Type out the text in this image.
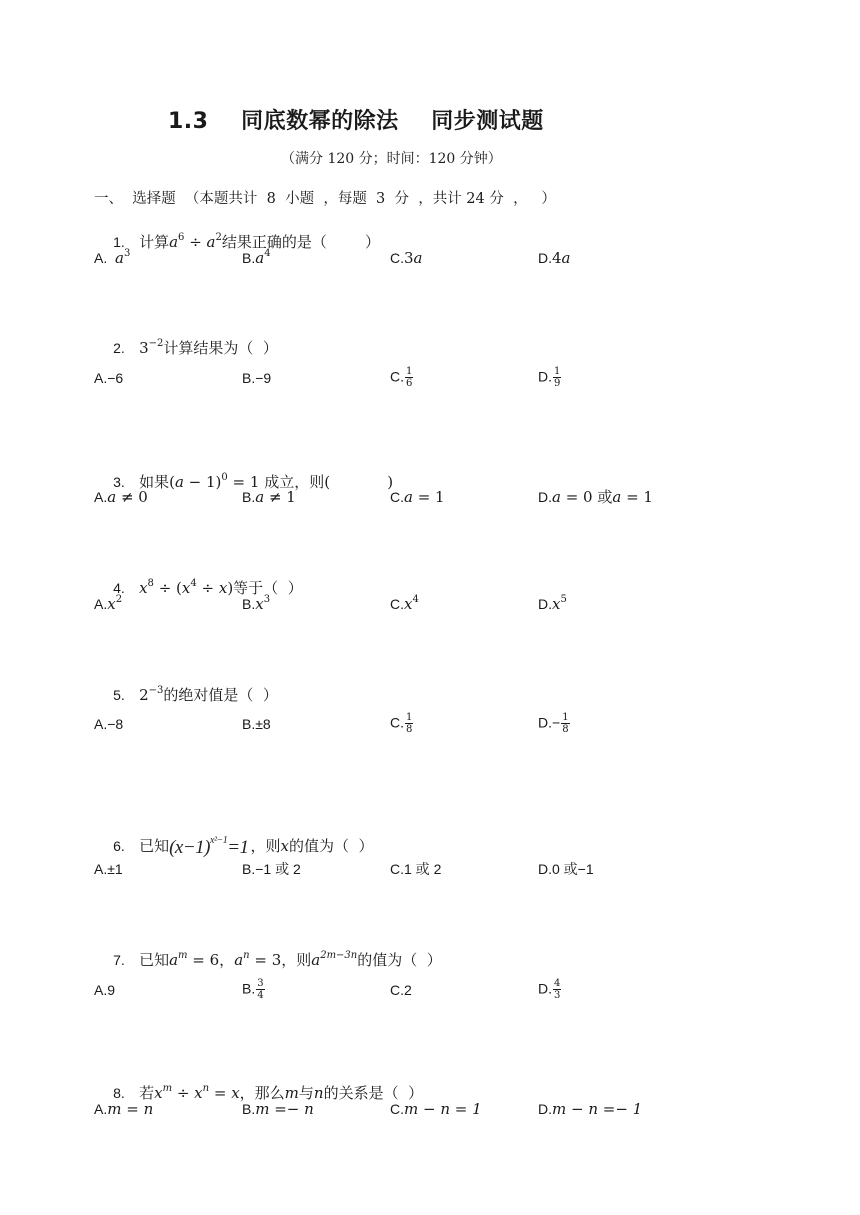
1.3    同底数幂的除法    同步测试题
（满分 120 分；时间：120 分钟）
一、  选择题  （本题共计  8  小题  ，每题  3  分  ，共计 24 分  ，   ）

1. 计算$a^6 \div a^2$结果正确的是（        ）

A.  $a^3$	$B.a^4$	C.3a	D.4a

2. $3^{-2}$计算结果为（  ）

A.−6	B.−9	C. $\frac{1}{6}$	D. $\frac{1}{9}$

3. 如果$(a - 1)^0 = 1$ 成立，则(            )

A.a ≠ 0	B.a ≠ 1	C.a = 1	D.a = 0 或a = 1

4. $x^8 \div (x^4 \div x)$等于（  ）

$A.x^2$	$B.x^3$	$C.x^4$	$D.x^5$

5. $2^{-3}$的绝对值是（  ）

A.−8	B.±8	C. $\frac{1}{8}$	$D.- \frac{1}{8}$

6. 已知$(x-1)^{x^2-1}=1$ ，则x的值为（  ）

A.±1	B.−1 或 2	C.1 或 2	D.0 或−1

7. 已知$a^m = 6$，$a^n = 3$，则$a^{2m-3n}$的值为（  ）

A.9	B. $\frac{3}{4}$	C.2	D. $\frac{4}{3}$

8. 若$x^m \div x^n = x$，那么m与n的关系是（  ）

A.m = n	B.m =− n	C.m − n = 1	D.m − n =− 1
